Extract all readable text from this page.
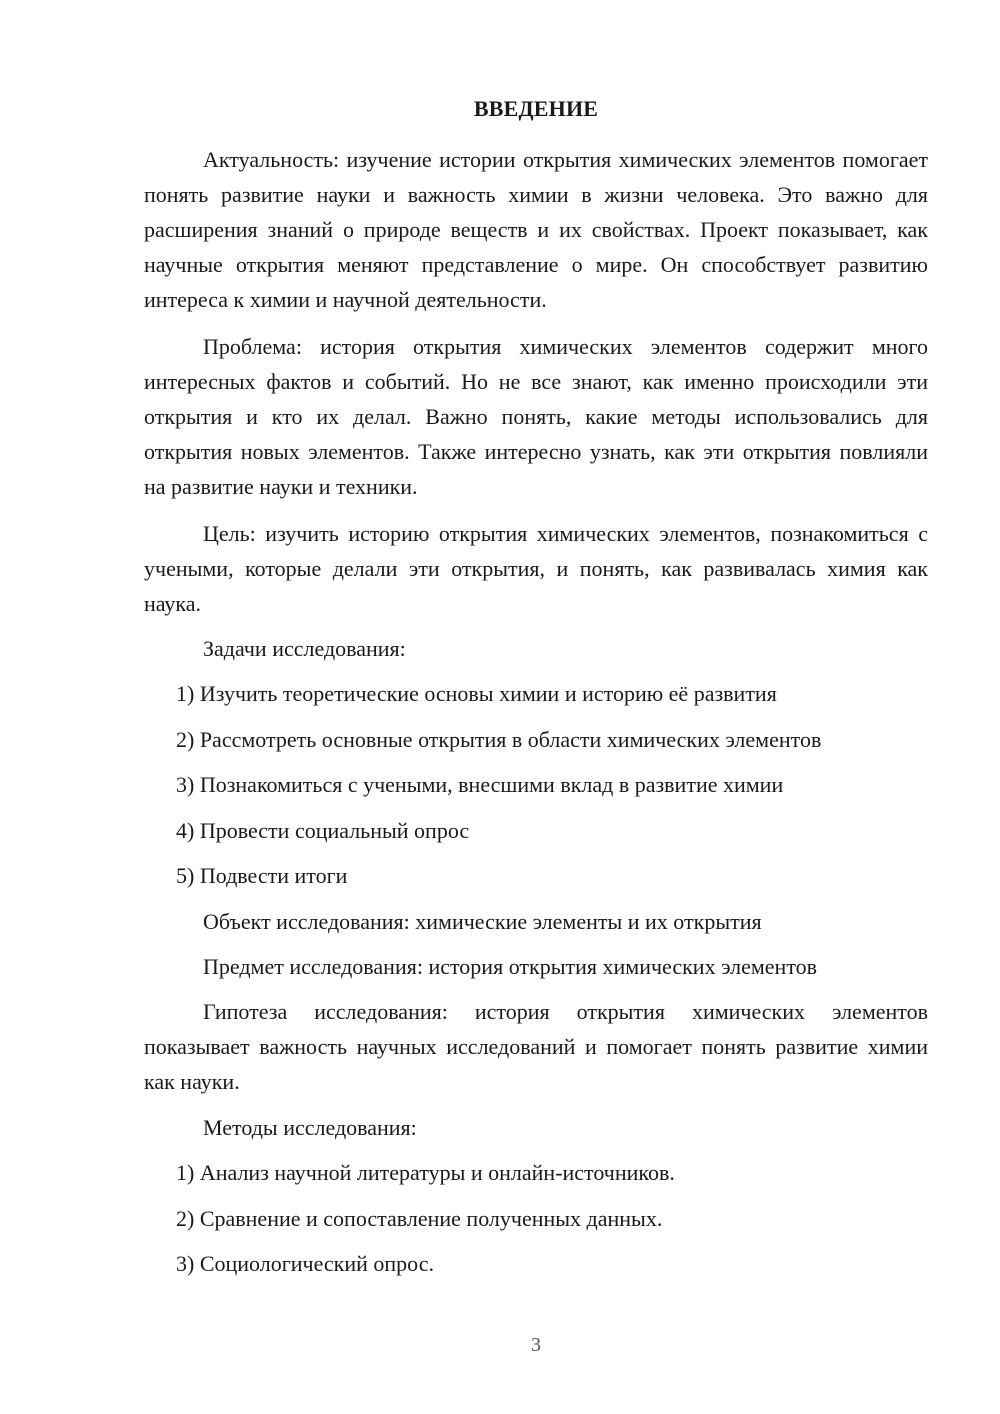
ВВЕДЕНИЕ

Актуальность: изучение истории открытия химических элементов помогает понять развитие науки и важность химии в жизни человека. Это важно для расширения знаний о природе веществ и их свойствах. Проект показывает, как научные открытия меняют представление о мире. Он способствует развитию интереса к химии и научной деятельности.

Проблема: история открытия химических элементов содержит много интересных фактов и событий. Но не все знают, как именно происходили эти открытия и кто их делал. Важно понять, какие методы использовались для открытия новых элементов. Также интересно узнать, как эти открытия повлияли на развитие науки и техники.

Цель: изучить историю открытия химических элементов, познакомиться с учеными, которые делали эти открытия, и понять, как развивалась химия как наука.

Задачи исследования:
1) Изучить теоретические основы химии и историю её развития
2) Рассмотреть основные открытия в области химических элементов
3) Познакомиться с учеными, внесшими вклад в развитие химии
4) Провести социальный опрос
5) Подвести итоги
Объект исследования: химические элементы и их открытия
Предмет исследования: история открытия химических элементов

Гипотеза исследования: история открытия химических элементов показывает важность научных исследований и помогает понять развитие химии как науки.

Методы исследования:
1) Анализ научной литературы и онлайн-источников.
2) Сравнение и сопоставление полученных данных.
3) Социологический опрос.
3
